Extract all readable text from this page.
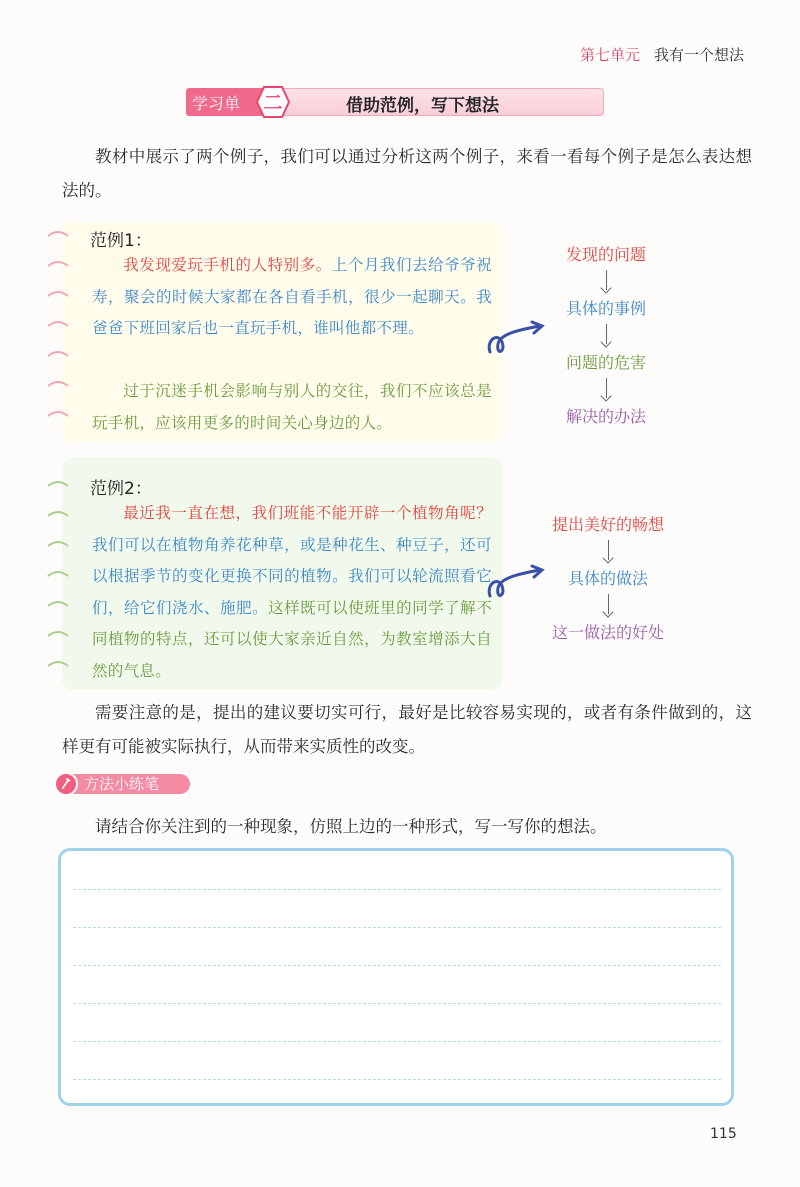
第七单元 我有一个想法
学习单	二	借助范例，写下想法
教材中展示了两个例子，我们可以通过分析这两个例子，来看一看每个例子是怎么表达想法的。
范例1：
我发现爱玩手机的人特别多。上个月我们去给爷爷祝寿，聚会的时候大家都在各自看手机，很少一起聊天。我爸爸下班回家后也一直玩手机，谁叫他都不理。
过于沉迷手机会影响与别人的交往，我们不应该总是玩手机，应该用更多的时间关心身边的人。
发现的问题
具体的事例
问题的危害
解决的办法
范例2：
最近我一直在想，我们班能不能开辟一个植物角呢？我们可以在植物角养花种草，或是种花生、种豆子，还可以根据季节的变化更换不同的植物。我们可以轮流照看它们，给它们浇水、施肥。这样既可以使班里的同学了解不同植物的特点，还可以使大家亲近自然，为教室增添大自然的气息。
提出美好的畅想
具体的做法
这一做法的好处
需要注意的是，提出的建议要切实可行，最好是比较容易实现的，或者有条件做到的，这样更有可能被实际执行，从而带来实质性的改变。
方法小练笔
请结合你关注到的一种现象，仿照上边的一种形式，写一写你的想法。
115
